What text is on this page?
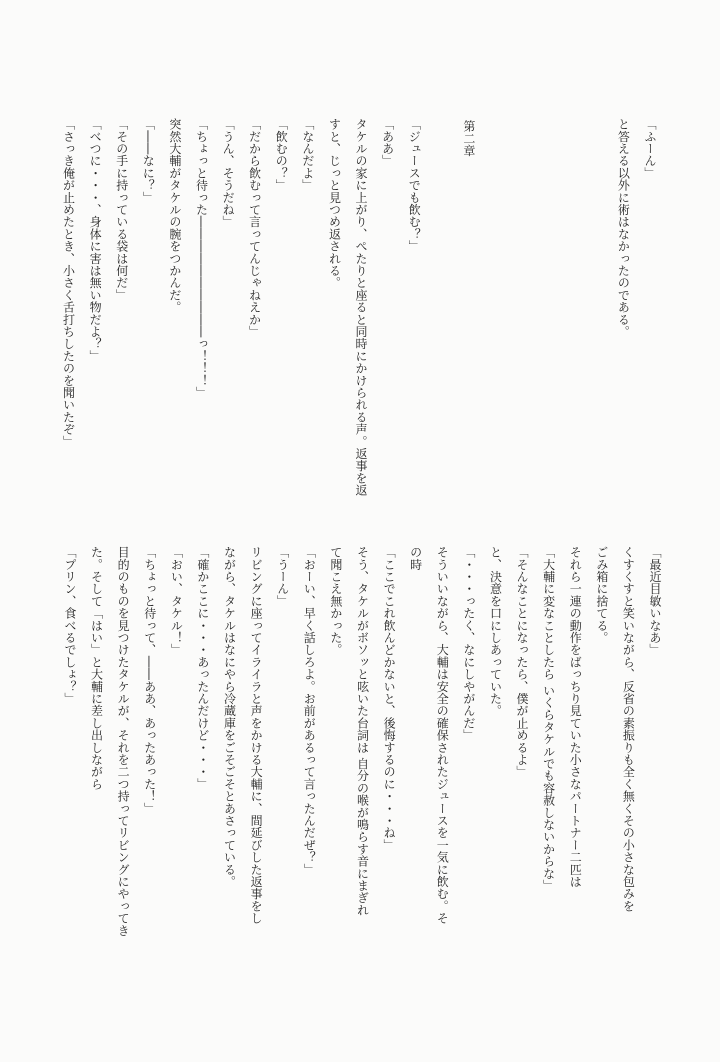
「ふーん」
と答える以外に術はなかったのである。
第二章
「ジュースでも飲む？」
「ああ」
タケルの家に上がり、ぺたりと座ると同時にかけられる声。返事を返
すと、じっと見つめ返される。
「なんだよ」
「飲むの？」
「だから飲むって言ってんじゃねえか」
「うん、そうだね」
「ちょっと待った――――――――――っ！！！」
突然大輔がタケルの腕をつかんだ。
「――なに？」
「その手に持っている袋は何だ」
「べつに・・・、身体に害は無い物だよ？」
「さっき俺が止めたとき、小さく舌打ちしたのを聞いたぞ」
「最近目敏いなあ」
くすくすと笑いながら、反省の素振りも全く無くその小さな包みを
ごみ箱に捨てる。
それら一連の動作をばっちり見ていた小さなパートナー二匹は
「大輔に変なことしたら いくらタケルでも容赦しないからな」
「そんなことになったら、僕が止めるよ」
と、決意を口にしあっていた。
「・・・ったく、なにしやがんだ」
そういいながら、大輔は安全の確保されたジュースを一気に飲む。そ
の時
「ここでこれ飲んどかないと、後悔するのに・・・ね」
そう、タケルがボソッと呟いた台詞は 自分の喉が鳴らす音にまぎれ
て聞こえ無かった。
「おーい、早く話しろよ。お前があるって言ったんだぜ？」
「うーん」
リビングに座ってイライラと声をかける大輔に、間延びした返事をし
ながら、タケルはなにやら冷蔵庫をごそごそとあさっている。
「確かここに・・・あったんだけど・・・」
「おい、タケル！」
「ちょっと待って、――ああ、あったあった！」
目的のものを見つけたタケルが、それを二つ持ってリビングにやってき
た。そして「はい」と大輔に差し出しながら
「プリン、食べるでしょ？」
